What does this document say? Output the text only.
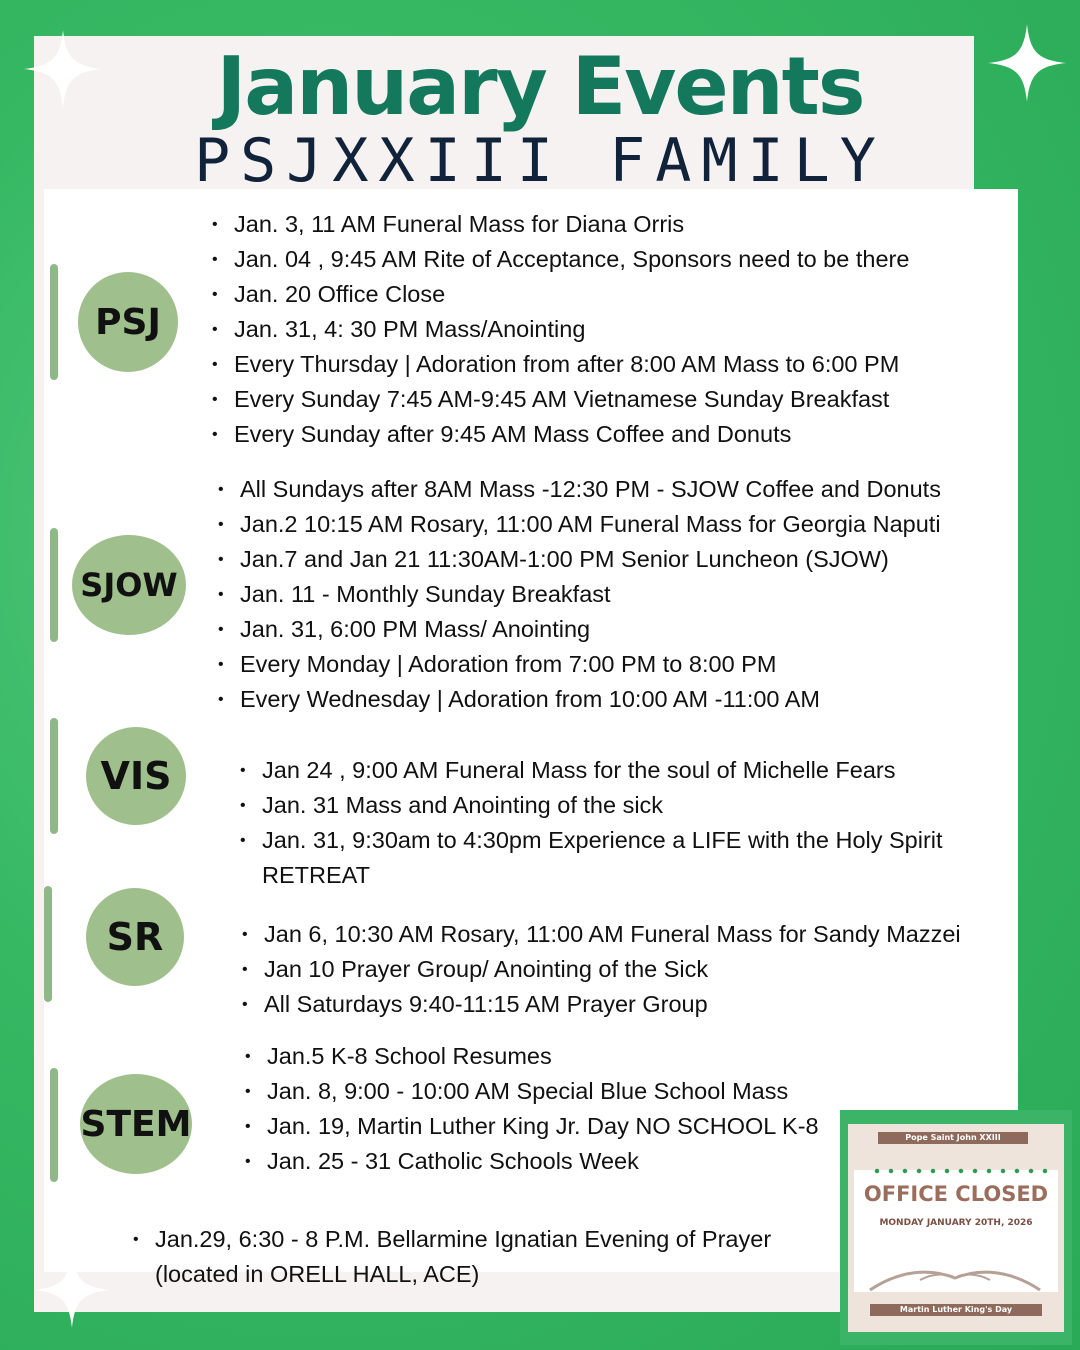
January Events
PSJXXIII FAMILY
PSJ
• Jan. 3, 11 AM Funeral Mass for Diana Orris
• Jan. 04 , 9:45 AM Rite of Acceptance, Sponsors need to be there
• Jan. 20 Office Close
• Jan. 31, 4: 30 PM Mass/Anointing
• Every Thursday | Adoration from after 8:00 AM Mass to 6:00 PM
• Every Sunday 7:45 AM-9:45 AM Vietnamese Sunday Breakfast
• Every Sunday after 9:45 AM Mass Coffee and Donuts
SJOW
• All Sundays after 8AM Mass -12:30 PM - SJOW Coffee and Donuts
• Jan.2 10:15 AM Rosary, 11:00 AM Funeral Mass for Georgia Naputi
• Jan.7 and Jan 21 11:30AM-1:00 PM Senior Luncheon (SJOW)
• Jan. 11 - Monthly Sunday Breakfast
• Jan. 31, 6:00 PM Mass/ Anointing
• Every Monday | Adoration from 7:00 PM to 8:00 PM
• Every Wednesday | Adoration from 10:00 AM -11:00 AM
VIS	• Jan 24 , 9:00 AM Funeral Mass for the soul of Michelle Fears
• Jan. 31 Mass and Anointing of the sick
• Jan. 31, 9:30am to 4:30pm Experience a LIFE with the Holy Spirit RETREAT
SR	• Jan 6, 10:30 AM Rosary, 11:00 AM Funeral Mass for Sandy Mazzei
• Jan 10 Prayer Group/ Anointing of the Sick
• All Saturdays 9:40-11:15 AM Prayer Group
STEM
• Jan.5 K-8 School Resumes
• Jan. 8, 9:00 - 10:00 AM Special Blue School Mass
• Jan. 19, Martin Luther King Jr. Day NO SCHOOL K-8
• Jan. 25 - 31 Catholic Schools Week
• Jan.29, 6:30 - 8 P.M. Bellarmine Ignatian Evening of Prayer (located in ORELL HALL, ACE)
Pope Saint John XXIII
OFFICE CLOSED
MONDAY JANUARY 20TH, 2026
Martin Luther King's Day
